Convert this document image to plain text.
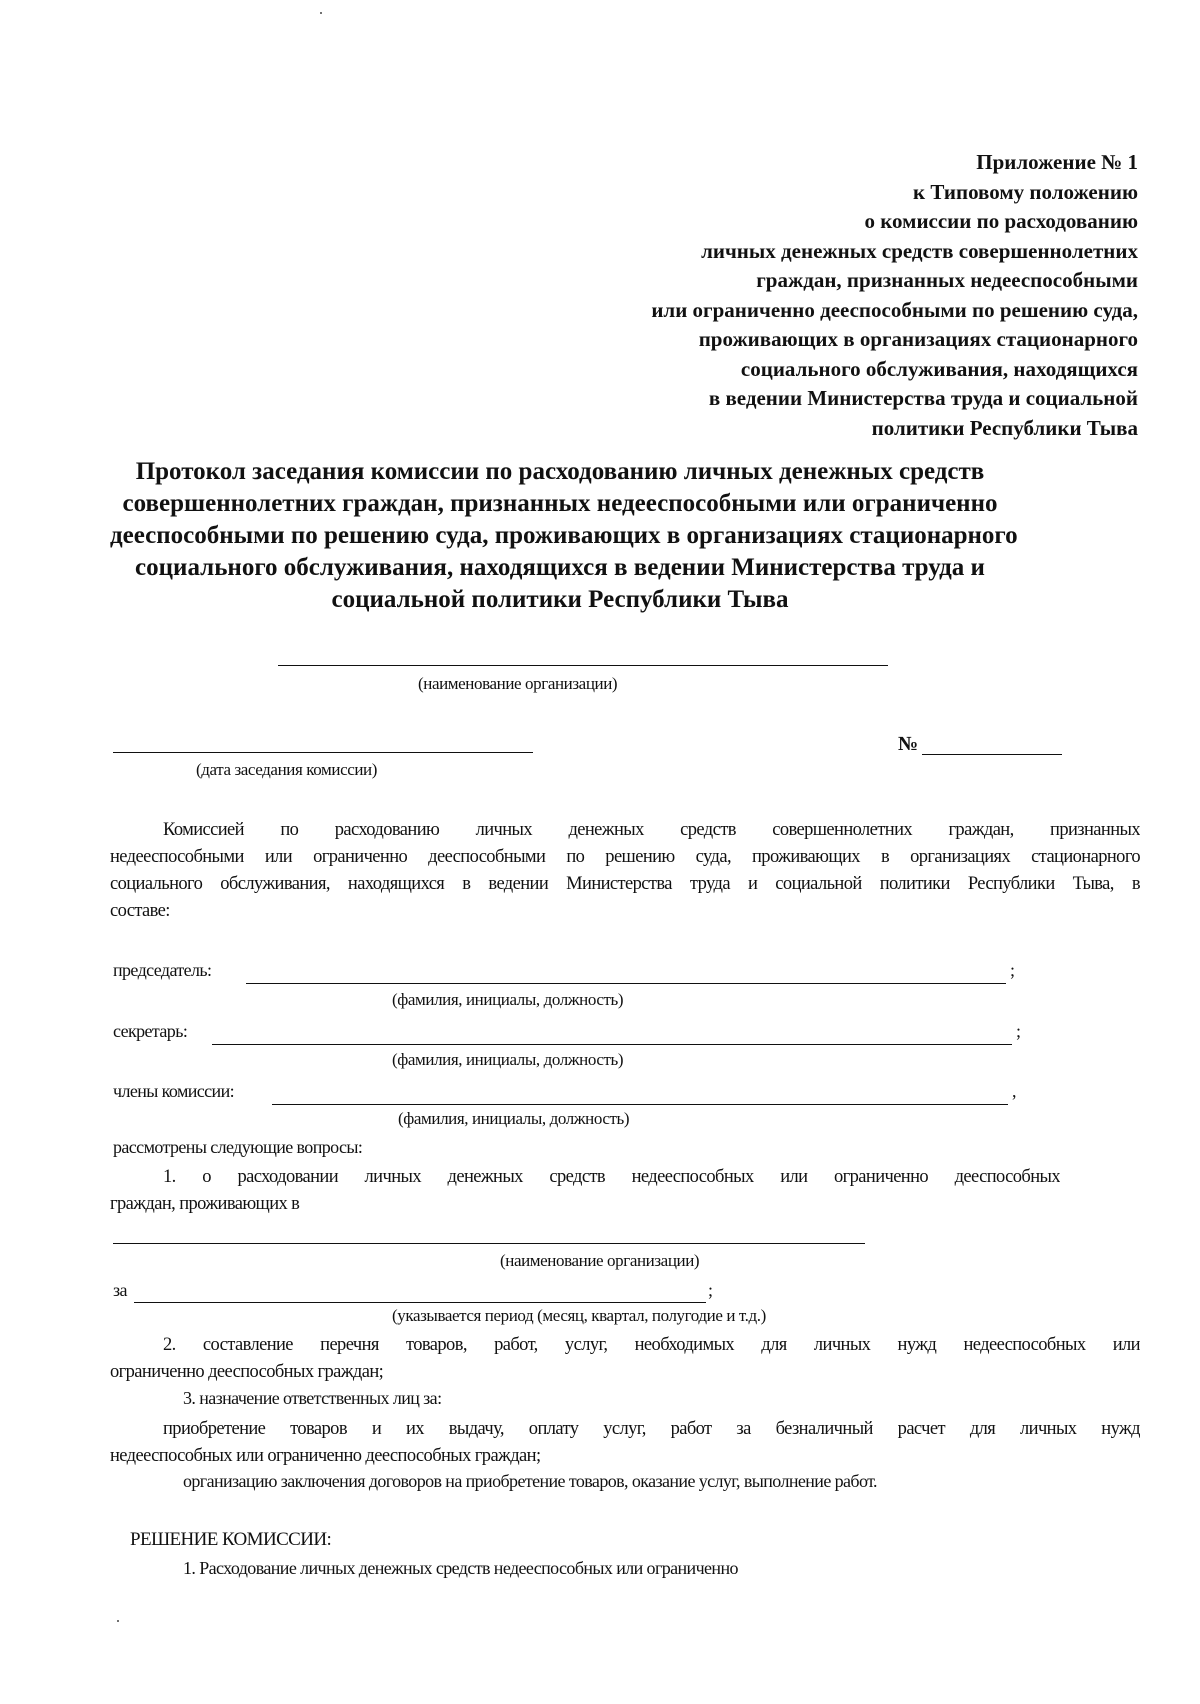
Приложение № 1
к Типовому положению
о комиссии по расходованию
личных денежных средств совершеннолетних
граждан, признанных недееспособными
или ограниченно дееспособными по решению суда,
проживающих в организациях стационарного
социального обслуживания, находящихся
в ведении Министерства труда и социальной
политики Республики Тыва
Протокол заседания комиссии по расходованию личных денежных средств
совершеннолетних граждан, признанных недееспособными или ограниченно
дееспособными по решению суда, проживающих в организациях стационарного
социального обслуживания, находящихся в ведении Министерства труда и
социальной политики Республики Тыва
(наименование организации)
(дата заседания комиссии)
№
Комиссией по расходованию личных денежных средств совершеннолетних граждан, признанных
недееспособными или ограниченно дееспособными по решению суда, проживающих в организациях стационарного
социального обслуживания, находящихся в ведении Министерства труда и социальной политики Республики Тыва, в
составе:
председатель:	;
(фамилия, инициалы, должность)
секретарь:	;
(фамилия, инициалы, должность)
члены комиссии:	,
(фамилия, инициалы, должность)
рассмотрены следующие вопросы:
1. о расходовании личных денежных средств недееспособных или ограниченно дееспособных
граждан, проживающих в
(наименование организации)
за	;
(указывается период (месяц, квартал, полугодие и т.д.)
2. составление перечня товаров, работ, услуг, необходимых для личных нужд недееспособных или
ограниченно дееспособных граждан;
3. назначение ответственных лиц за:
приобретение товаров и их выдачу, оплату услуг, работ за безналичный расчет для личных нужд
недееспособных или ограниченно дееспособных граждан;
организацию заключения договоров на приобретение товаров, оказание услуг, выполнение работ.
РЕШЕНИЕ КОМИССИИ:
1. Расходование личных денежных средств недееспособных или ограниченно
